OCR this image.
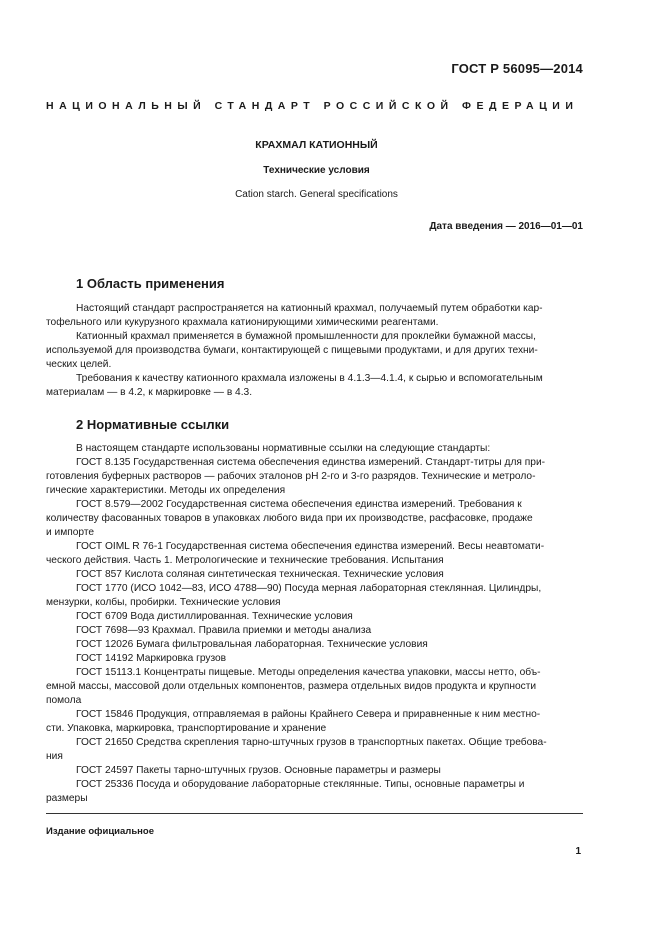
ГОСТ Р 56095—2014
НАЦИОНАЛЬНЫЙ СТАНДАРТ РОССИЙСКОЙ ФЕДЕРАЦИИ
КРАХМАЛ КАТИОННЫЙ
Технические условия
Cation starch. General specifications
Дата введения — 2016—01—01
1 Область применения
Настоящий стандарт распространяется на катионный крахмал, получаемый путем обработки кар-
тофельного или кукурузного крахмала катионирующими химическими реагентами.
Катионный крахмал применяется в бумажной промышленности для проклейки бумажной массы,
используемой для производства бумаги, контактирующей с пищевыми продуктами, и для других техни-
ческих целей.
Требования к качеству катионного крахмала изложены в 4.1.3—4.1.4, к сырью и вспомогательным
материалам — в 4.2, к маркировке — в 4.3.
2 Нормативные ссылки
В настоящем стандарте использованы нормативные ссылки на следующие стандарты:
ГОСТ 8.135 Государственная система обеспечения единства измерений. Стандарт-титры для при-
готовления буферных растворов — рабочих эталонов pH 2-го и 3-го разрядов. Технические и метроло-
гические характеристики. Методы их определения
ГОСТ 8.579—2002 Государственная система обеспечения единства измерений. Требования к
количеству фасованных товаров в упаковках любого вида при их производстве, расфасовке, продаже
и импорте
ГОСТ OIML R 76-1 Государственная система обеспечения единства измерений. Весы неавтомати-
ческого действия. Часть 1. Метрологические и технические требования. Испытания
ГОСТ 857 Кислота соляная синтетическая техническая. Технические условия
ГОСТ 1770 (ИСО 1042—83, ИСО 4788—90) Посуда мерная лабораторная стеклянная. Цилиндры,
мензурки, колбы, пробирки. Технические условия
ГОСТ 6709 Вода дистиллированная. Технические условия
ГОСТ 7698—93 Крахмал. Правила приемки и методы анализа
ГОСТ 12026 Бумага фильтровальная лабораторная. Технические условия
ГОСТ 14192 Маркировка грузов
ГОСТ 15113.1 Концентраты пищевые. Методы определения качества упаковки, массы нетто, объ-
емной массы, массовой доли отдельных компонентов, размера отдельных видов продукта и крупности
помола
ГОСТ 15846 Продукция, отправляемая в районы Крайнего Севера и приравненные к ним местно-
сти. Упаковка, маркировка, транспортирование и хранение
ГОСТ 21650 Средства скрепления тарно-штучных грузов в транспортных пакетах. Общие требова-
ния
ГОСТ 24597 Пакеты тарно-штучных грузов. Основные параметры и размеры
ГОСТ 25336 Посуда и оборудование лабораторные стеклянные. Типы, основные параметры и
размеры
Издание официальное
1
